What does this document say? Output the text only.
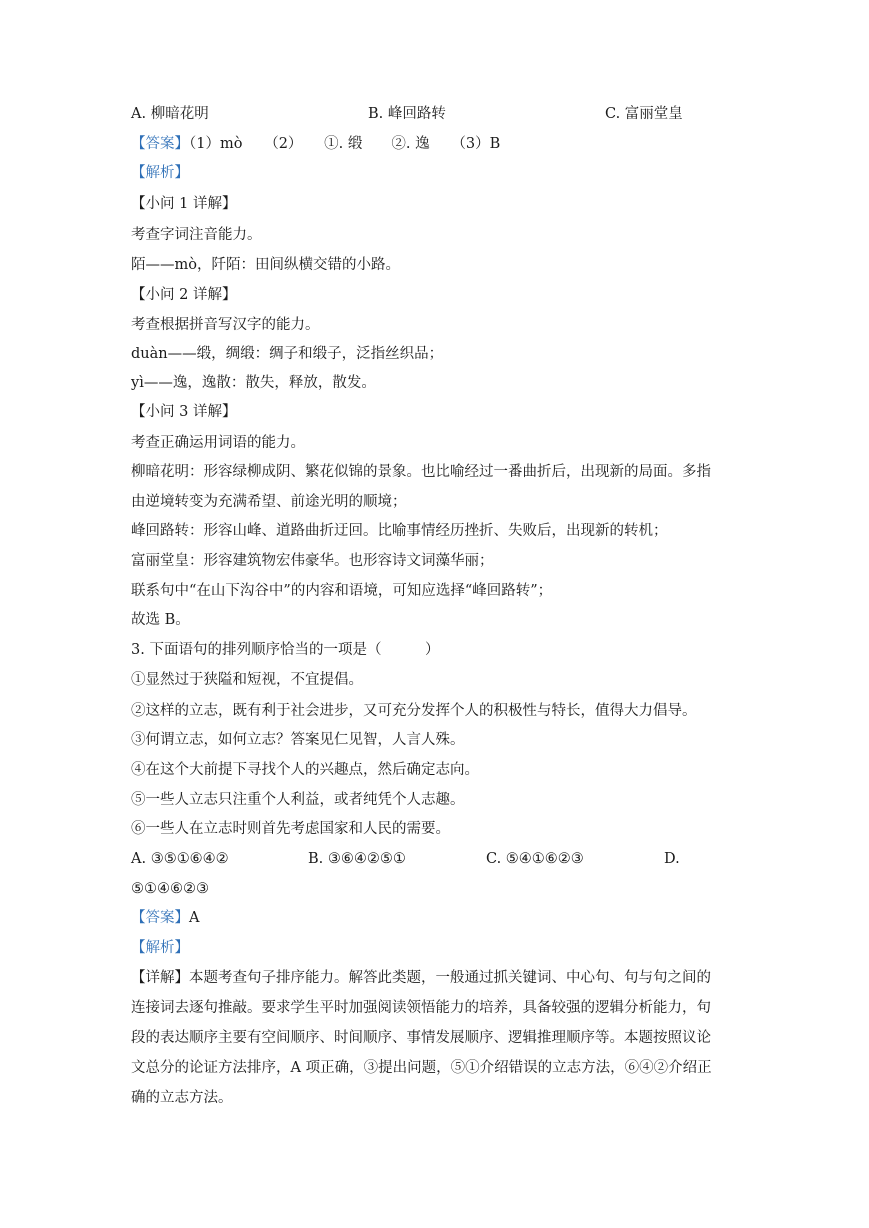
A. 柳暗花明	B. 峰回路转	C. 富丽堂皇
【答案】（1）mò　　（2）　　①. 缎　　②. 逸　　（3）B
【解析】
【小问 1 详解】
考查字词注音能力。
陌——mò，阡陌：田间纵横交错的小路。
【小问 2 详解】
考查根据拼音写汉字的能力。
duàn——缎，绸缎：绸子和缎子，泛指丝织品；
yì——逸，逸散：散失，释放，散发。
【小问 3 详解】
考查正确运用词语的能力。
柳暗花明：形容绿柳成阴、繁花似锦的景象。也比喻经过一番曲折后，出现新的局面。多指
由逆境转变为充满希望、前途光明的顺境；
峰回路转：形容山峰、道路曲折迂回。比喻事情经历挫折、失败后，出现新的转机；
富丽堂皇：形容建筑物宏伟豪华。也形容诗文词藻华丽；
联系句中“在山下沟谷中”的内容和语境，可知应选择“峰回路转”；
故选 B。
3. 下面语句的排列顺序恰当的一项是（　　　）
①显然过于狭隘和短视，不宜提倡。
②这样的立志，既有利于社会进步，又可充分发挥个人的积极性与特长，值得大力倡导。
③何谓立志，如何立志？答案见仁见智，人言人殊。
④在这个大前提下寻找个人的兴趣点，然后确定志向。
⑤一些人立志只注重个人利益，或者纯凭个人志趣。
⑥一些人在立志时则首先考虑国家和人民的需要。
A. ③⑤①⑥④②	B. ③⑥④②⑤①	C. ⑤④①⑥②③	D.
⑤①④⑥②③
【答案】A
【解析】
【详解】本题考查句子排序能力。解答此类题，一般通过抓关键词、中心句、句与句之间的
连接词去逐句推敲。要求学生平时加强阅读领悟能力的培养，具备较强的逻辑分析能力，句
段的表达顺序主要有空间顺序、时间顺序、事情发展顺序、逻辑推理顺序等。本题按照议论
文总分的论证方法排序，A 项正确，③提出问题，⑤①介绍错误的立志方法，⑥④②介绍正
确的立志方法。
